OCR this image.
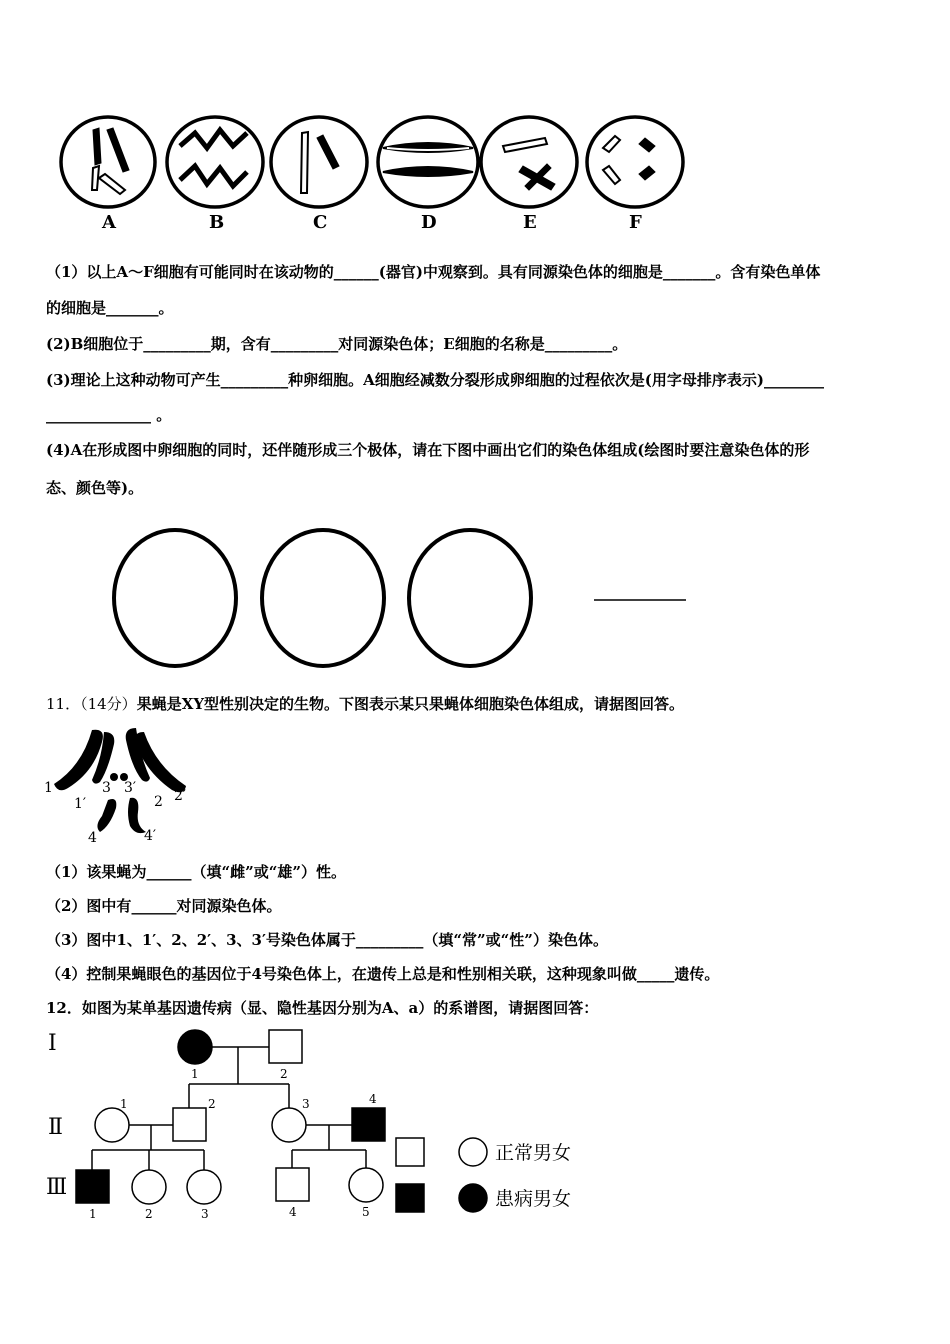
A	B	C	D	E	F
（1）以上A～F细胞有可能同时在该动物的______(器官)中观察到。具有同源染色体的细胞是_______。含有染色单体
的细胞是_______。
(2)B细胞位于_________期，含有_________对同源染色体；E细胞的名称是_________。
(3)理论上这种动物可产生_________种卵细胞。A细胞经减数分裂形成卵细胞的过程依次是(用字母排序表示)________
______________ 。
(4)A在形成图中卵细胞的同时，还伴随形成三个极体，请在下图中画出它们的染色体组成(绘图时要注意染色体的形
态、颜色等)。
11．（14分）果蝇是XY型性别决定的生物。下图表示某只果蝇体细胞染色体组成，请据图回答。
1
1′
3 3′
2 2′
4	4′
（1）该果蝇为______（填“雌”或“雄”）性。
（2）图中有______对同源染色体。
（3）图中1、1′、2、2′、3、3′号染色体属于_________（填“常”或“性”）染色体。
（4）控制果蝇眼色的基因位于4号染色体上，在遗传上总是和性别相关联，这种现象叫做_____遗传。
12．如图为某单基因遗传病（显、隐性基因分别为A、a）的系谱图，请据图回答：
Ⅰ
Ⅱ
Ⅲ
1	2
1	2	3	4
1	2	3	4	5
正常男女
患病男女
